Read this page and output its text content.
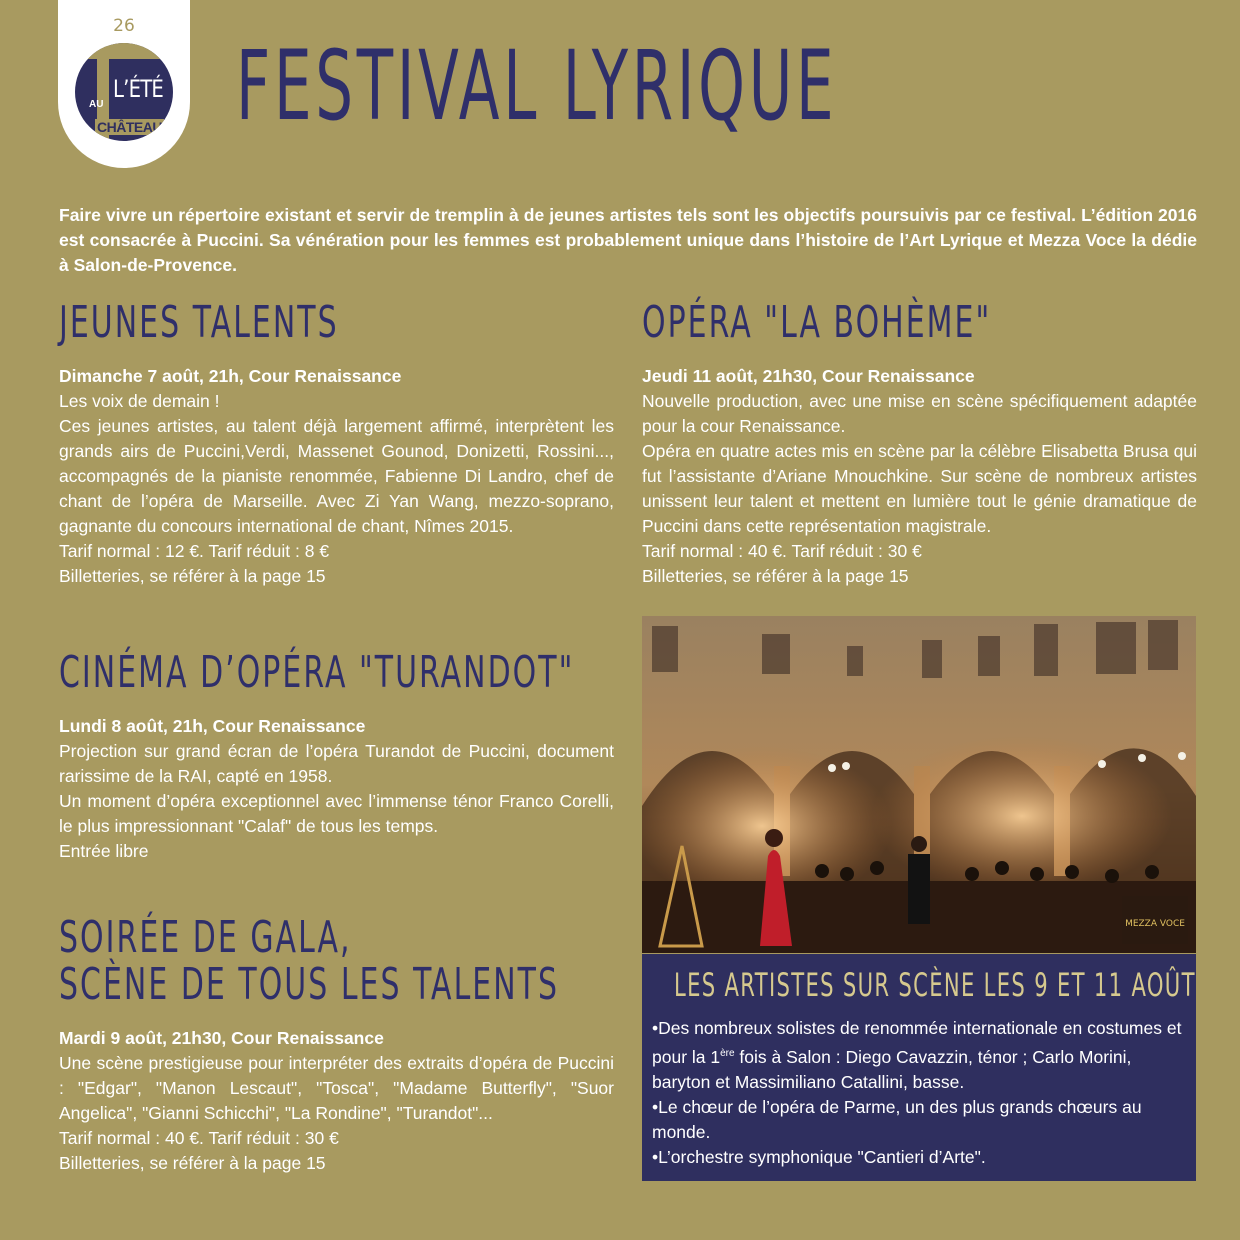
26
L’ÉTÉ
AU
CHÂTEAU FESTIVAL LYRIQUE

Faire vivre un répertoire existant et servir de tremplin à de jeunes artistes tels sont les objectifs poursuivis par ce festival. L’édition 2016 est consacrée à Puccini. Sa vénération pour les femmes est probablement unique dans l’histoire de l’Art Lyrique et Mezza Voce la dédie à Salon-de-Provence.

JEUNES TALENTS
Dimanche 7 août, 21h, Cour Renaissance
Les voix de demain !

Ces jeunes artistes, au talent déjà largement affirmé, interprètent les grands airs de Puccini,Verdi, Massenet Gounod, Donizetti, Rossini..., accompagnés de la pianiste renommée, Fabienne Di Landro, chef de chant de l’opéra de Marseille. Avec Zi Yan Wang, mezzo-soprano, gagnante du concours international de chant, Nîmes 2015.

Tarif normal : 12 €. Tarif réduit : 8 €
Billetteries, se référer à la page 15
CINÉMA D’OPÉRA "TURANDOT"
Lundi 8 août, 21h, Cour Renaissance

Projection sur grand écran de l’opéra Turandot de Puccini, document rarissime de la RAI, capté en 1958.

Un moment d’opéra exceptionnel avec l’immense ténor Franco Corelli, le plus impressionnant "Calaf" de tous les temps.

Entrée libre
SOIRÉE DE GALA,
SCÈNE DE TOUS LES TALENTS
Mardi 9 août, 21h30, Cour Renaissance

Une scène prestigieuse pour interpréter des extraits d’opéra de Puccini : "Edgar", "Manon Lescaut", "Tosca", "Madame Butterfly", "Suor Angelica", "Gianni Schicchi", "La Rondine", "Turandot"...

Tarif normal : 40 €. Tarif réduit : 30 €
Billetteries, se référer à la page 15
OPÉRA "LA BOHÈME"
Jeudi 11 août, 21h30, Cour Renaissance

Nouvelle production, avec une mise en scène spécifiquement adaptée pour la cour Renaissance.

Opéra en quatre actes mis en scène par la célèbre Elisabetta Brusa qui fut l’assistante d’Ariane Mnouchkine. Sur scène de nombreux artistes unissent leur talent et mettent en lumière tout le génie dramatique de Puccini dans cette représentation magistrale.

Tarif normal : 40 €. Tarif réduit : 30 €
Billetteries, se référer à la page 15
MEZZA VOCE
LES ARTISTES SUR SCÈNE LES 9 ET 11 AOÛT
•Des nombreux solistes de renommée internationale en costumes et pour la 1ère fois à Salon : Diego Cavazzin, ténor ; Carlo Morini, baryton et Massimiliano Catallini, basse.
•Le chœur de l’opéra de Parme, un des plus grands chœurs au monde.
•L’orchestre symphonique "Cantieri d’Arte".
